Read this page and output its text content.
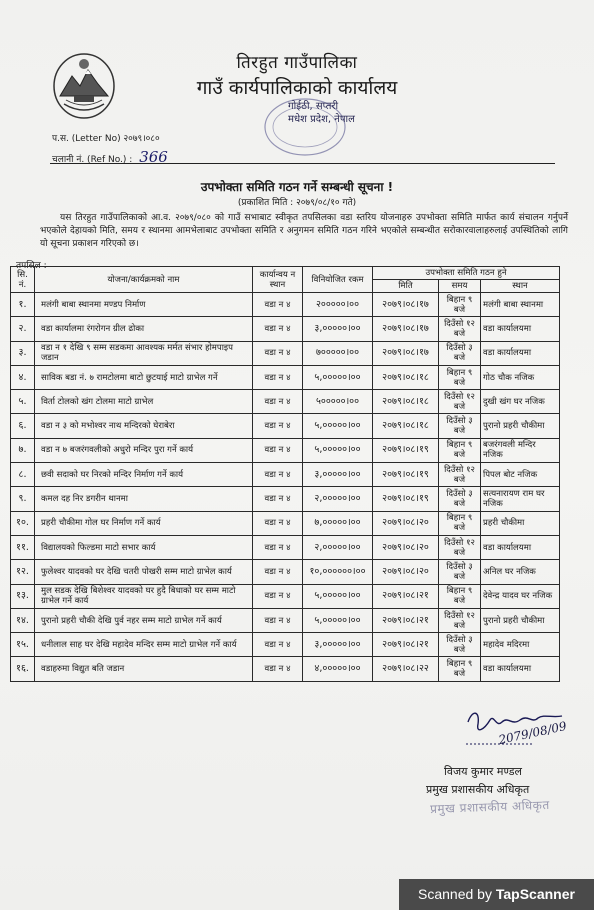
तिरहुत गाउँपालिका
गाउँ कार्यपालिकाको कार्यालय
गोईठी, सप्तरी
मधेश प्रदेश, नेपाल
प.स. (Letter No) २०७९।०८०
चलानी नं. (Ref No.) : 366
उपभोक्ता समिति गठन गर्ने सम्बन्धी सूचना !
(प्रकाशित मिति : २०७९/०८/१० गते)
यस तिरहुत गाउँपालिकाको आ.व. २०७९/०८० को गाउँ सभाबाट स्वीकृत तपसिलका वडा स्तरिय योजनाहरु उपभोक्ता समिति मार्फत कार्य संचालन गर्नुपर्ने भएकोले देहायको मिति, समय र स्थानमा आमभेलाबाट उपभोक्ता समिति र अनुगमन समिति गठन गरिने भएकोले सम्बन्धीत सरोकारवालाहरुलाई उपस्थितिको लागि यो सूचना प्रकाशन गरिएको छ।
तपसिल :
सि. नं.	योजना/कार्यक्रमको नाम	कार्यान्वय न स्थान	विनियोजित रकम	उपभोक्ता समिति गठन हुने		
				मिति	समय	स्थान
१.	मलंगी बाबा स्थानमा मण्डप निर्माण	वडा न ४	२०००००।००	२०७९।०८।१७	बिहान ९ बजे	मलंगी बाबा स्थानमा
२.	वडा कार्यालमा रंगरोगन ग्रील ढोका	वडा न ४	३,०००००।००	२०७९।०८।१७	दिउँसो १२ बजे	वडा कार्यालयमा
३.	वडा न १ देखि ९ सम्म सडकमा आवश्यक मर्मत संभार होमपाइप जडान	वडा न ४	७०००००।००	२०७९।०८।१७	दिउँसो ३ बजे	वडा कार्यालयमा
४.	साविक बडा नं. ७ रामटोलमा बाटो छुटयाई माटो ग्राभेल गर्ने	वडा न ४	५,०००००।००	२०७९।०८।१८	बिहान ९ बजे	गोठ चौक नजिक
५.	विर्ता टोलको खंग टोलमा माटो ग्राभेल	वडा न ४	५०००००।००	२०७९।०८।१८	दिउँसो १२ बजे	दुखी खंग घर नजिक
६.	वडा न ३ को मभोश्वर नाथ मन्दिरको घेराबेरा	वडा न ४	५,०००००।००	२०७९।०८।१८	दिउँसो ३ बजे	पुरानो प्रहरी चौकीमा
७.	वडा न ७ बजरंगवलीको अधुरो मन्दिर पुरा गर्ने कार्य	वडा न ४	५,०००००।००	२०७९।०८।१९	बिहान ९ बजे	बजरंगवली मन्दिर नजिक
८.	छवी सदाको घर निरको मन्दिर निर्माण गर्ने कार्य	वडा न ४	३,०००००।००	२०७९।०८।१९	दिउँसो १२ बजे	पिपल बोट नजिक
९.	कमल दह निर डगरीन थानमा	वडा न ४	२,०००००।००	२०७९।०८।१९	दिउँसो ३ बजे	सत्यनारायण राम घर नजिक
१०.	प्रहरी चौकीमा गोल घर निर्माण गर्ने कार्य	वडा न ४	७,०००००।००	२०७९।०८।२०	बिहान ९ बजे	प्रहरी चौकीमा
११.	विद्यालयको फिल्डमा माटो सभार कार्य	वडा न ४	२,०००००।००	२०७९।०८।२०	दिउँसो १२ बजे	वडा कार्यालयमा
१२.	फुलेश्वर यादवको घर देखि चतरी पोखरी सम्म माटो ग्राभेल कार्य	वडा न ४	१०,००००००।००	२०७९।०८।२०	दिउँसो ३ बजे	अनिल घर नजिक
१३.	मुल सडक देखि बिशेश्वर यादवको घर हुदै बिधाको घर सम्म माटो ग्राभेल गर्ने कार्य	वडा न ४	५,०००००।००	२०७९।०८।२१	बिहान ९ बजे	देवेन्द्र यादव घर नजिक
१४.	पुरानो प्रहरी चौकी देखि पुर्व नहर सम्म माटो ग्राभेल गर्ने कार्य	वडा न ४	५,०००००।००	२०७९।०८।२१	दिउँसो १२ बजे	पुरानो प्रहरी चौकीमा
१५.	धनीलाल साह घर देखि महादेव मन्दिर सम्म माटो ग्राभेल गर्ने कार्य	वडा न ४	३,०००००।००	२०७९।०८।२१	दिउँसो ३ बजे	महादेव मदिरमा
१६.	वडाहरुमा विद्युत बति जडान	वडा न ४	४,०००००।००	२०७९।०८।२२	बिहान ९ बजे	वडा कार्यालयमा
2079/08/09
विजय कुमार मण्डल
प्रमुख प्रशासकीय अधिकृत
प्रमुख प्रशासकीय अधिकृत
Scanned by TapScanner
